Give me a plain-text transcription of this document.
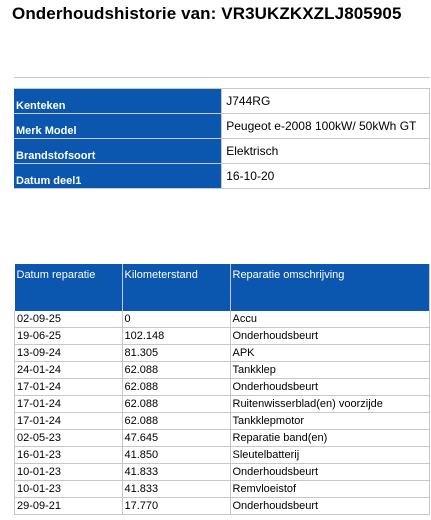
Onderhoudshistorie van: VR3UKZKXZLJ805905

Kenteken	J744RG
Merk Model	Peugeot e-2008 100kW/ 50kWh GT
Brandstofsoort	Elektrisch
Datum deel1	16-10-20
Datum reparatie	Kilometerstand	Reparatie omschrijving
02-09-25	0	Accu
19-06-25	102.148	Onderhoudsbeurt
13-09-24	81.305	APK
24-01-24	62.088	Tankklep
17-01-24	62.088	Onderhoudsbeurt
17-01-24	62.088	Ruitenwisserblad(en) voorzijde
17-01-24	62.088	Tankklepmotor
02-05-23	47.645	Reparatie band(en)
16-01-23	41.850	Sleutelbatterij
10-01-23	41.833	Onderhoudsbeurt
10-01-23	41.833	Remvloeistof
29-09-21	17.770	Onderhoudsbeurt
